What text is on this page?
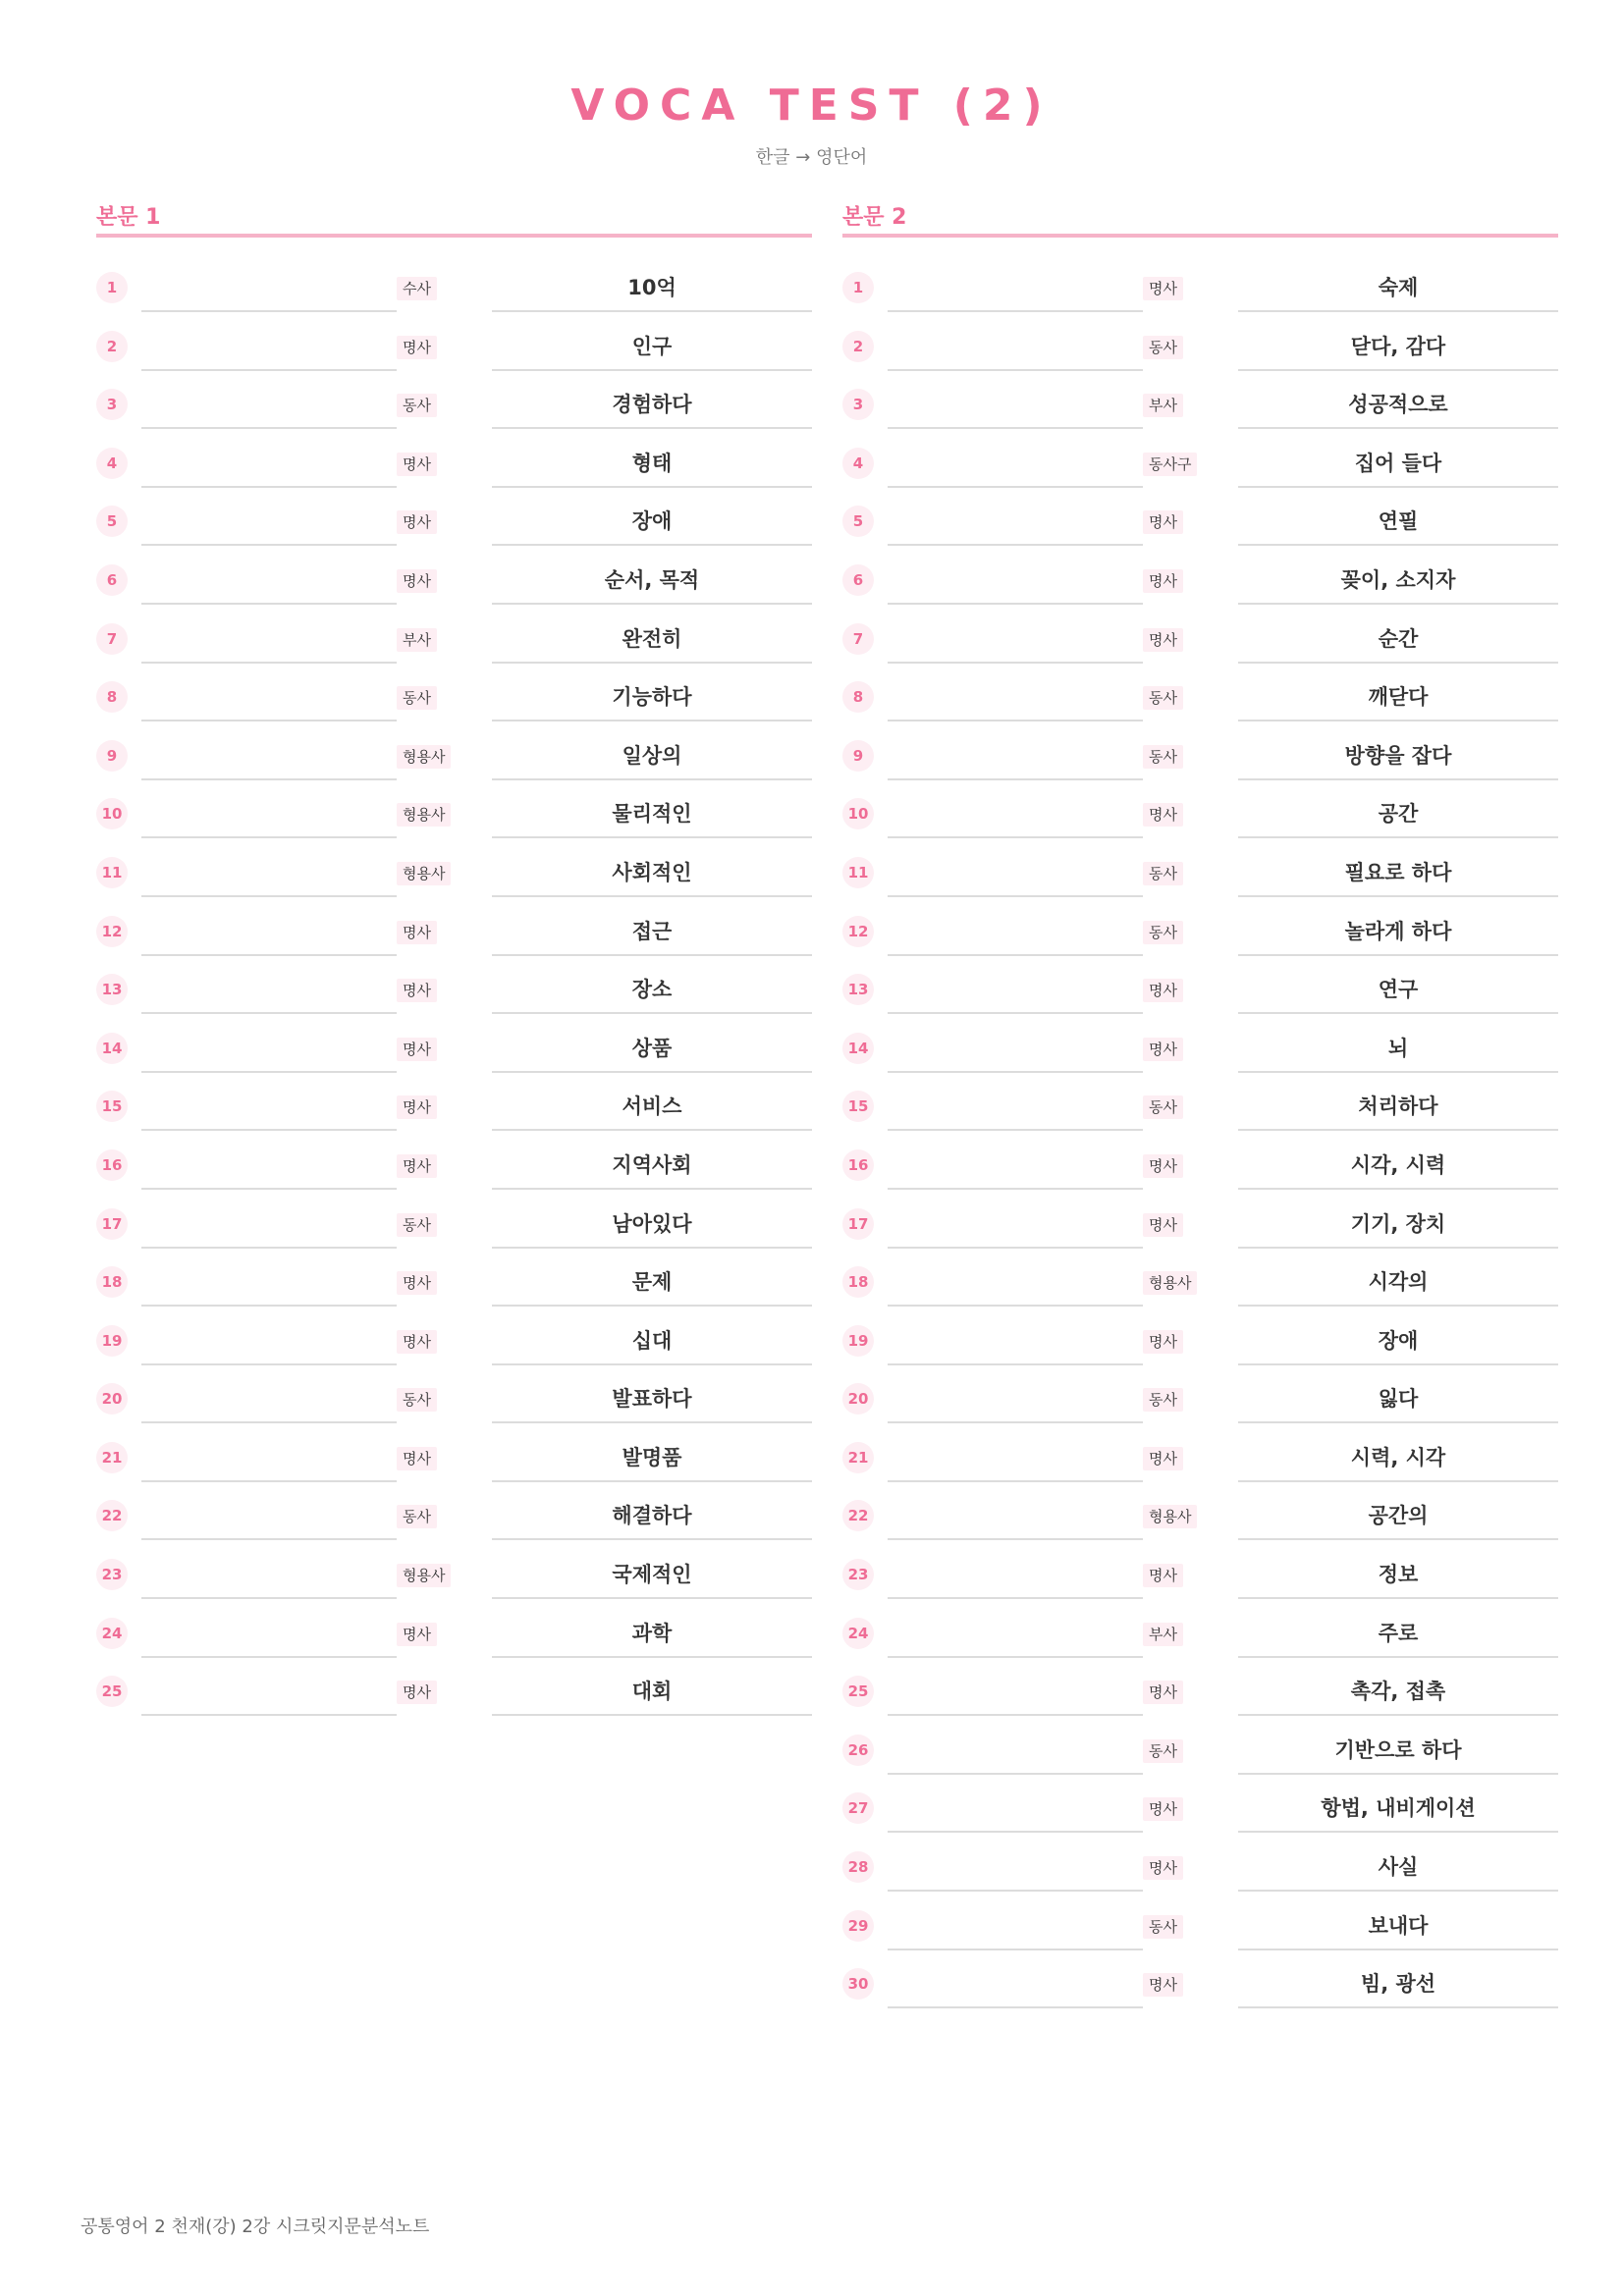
VOCA TEST (2)
한글 → 영단어
본문 1
1	수사	10억
2	명사	인구
3	동사	경험하다
4	명사	형태
5	명사	장애
6	명사	순서, 목적
7	부사	완전히
8	동사	기능하다
9	형용사	일상의
10	형용사	물리적인
11	형용사	사회적인
12	명사	접근
13	명사	장소
14	명사	상품
15	명사	서비스
16	명사	지역사회
17	동사	남아있다
18	명사	문제
19	명사	십대
20	동사	발표하다
21	명사	발명품
22	동사	해결하다
23	형용사	국제적인
24	명사	과학
25	명사	대회
본문 2
1	명사	숙제
2	동사	닫다, 감다
3	부사	성공적으로
4	동사구	집어 들다
5	명사	연필
6	명사	꽂이, 소지자
7	명사	순간
8	동사	깨닫다
9	동사	방향을 잡다
10	명사	공간
11	동사	필요로 하다
12	동사	놀라게 하다
13	명사	연구
14	명사	뇌
15	동사	처리하다
16	명사	시각, 시력
17	명사	기기, 장치
18	형용사	시각의
19	명사	장애
20	동사	잃다
21	명사	시력, 시각
22	형용사	공간의
23	명사	정보
24	부사	주로
25	명사	촉각, 접촉
26	동사	기반으로 하다
27	명사	항법, 내비게이션
28	명사	사실
29	동사	보내다
30	명사	빔, 광선
공통영어 2 천재(강) 2강 시크릿지문분석노트
